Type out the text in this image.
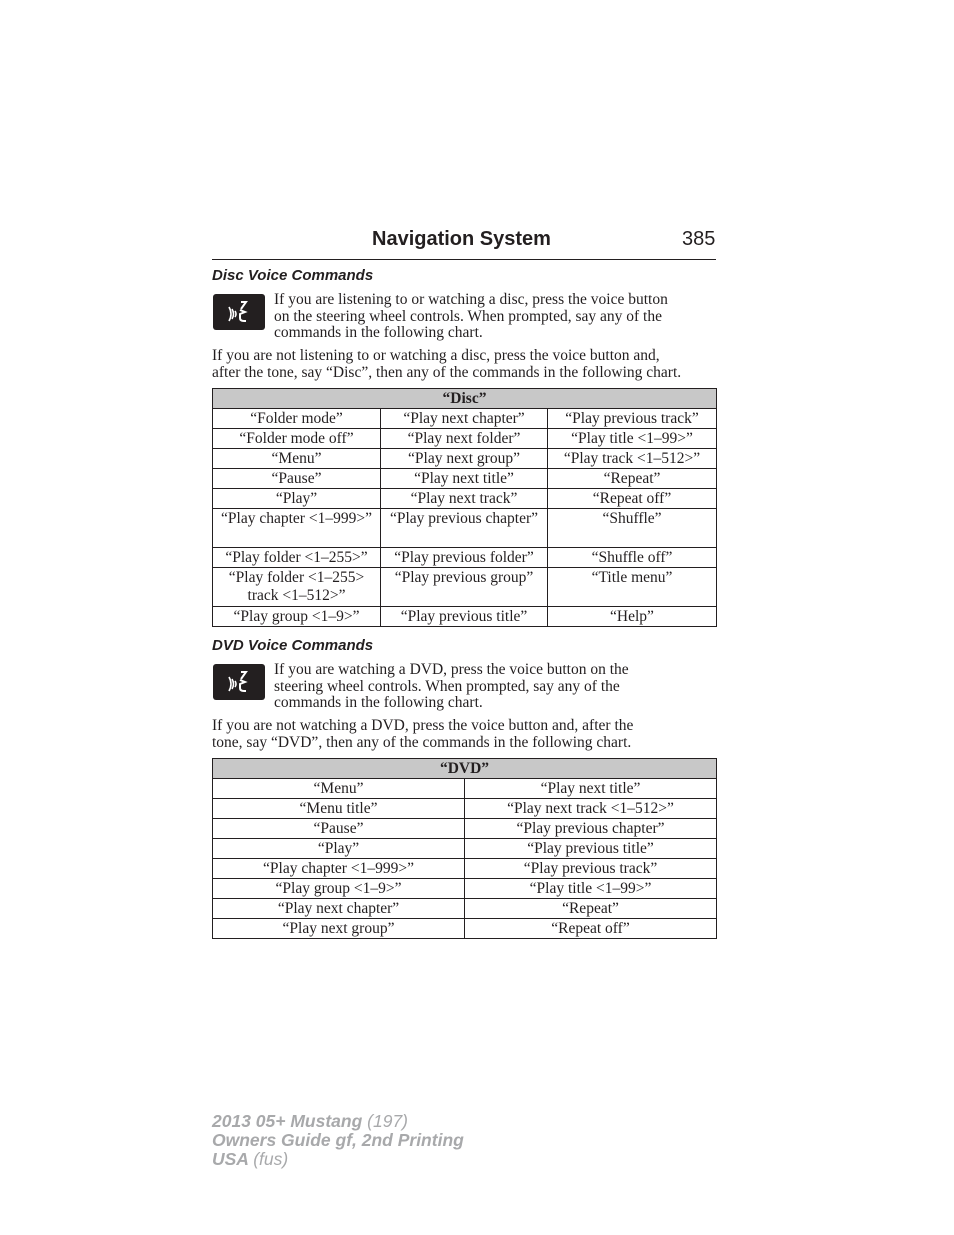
Navigation System	385
Disc Voice Commands
If you are listening to or watching a disc, press the voice button
on the steering wheel controls. When prompted, say any of the
commands in the following chart.
If you are not listening to or watching a disc, press the voice button and,
after the tone, say “Disc”, then any of the commands in the following chart.
“Disc”		
“Folder mode”	“Play next chapter”	“Play previous track”
“Folder mode off”	“Play next folder”	“Play title <1–99>”
“Menu”	“Play next group”	“Play track <1–512>”
“Pause”	“Play next title”	“Repeat”
“Play”	“Play next track”	“Repeat off”
“Play chapter <1–999>”	“Play previous chapter”	“Shuffle”
“Play folder <1–255>”	“Play previous folder”	“Shuffle off”
“Play folder <1–255> track <1–512>”	“Play previous group”	“Title menu”
“Play group <1–9>”	“Play previous title”	“Help”
DVD Voice Commands
If you are watching a DVD, press the voice button on the
steering wheel controls. When prompted, say any of the
commands in the following chart.
If you are not watching a DVD, press the voice button and, after the
tone, say “DVD”, then any of the commands in the following chart.
“DVD”	
“Menu”	“Play next title”
“Menu title”	“Play next track <1–512>”
“Pause”	“Play previous chapter”
“Play”	“Play previous title”
“Play chapter <1–999>”	“Play previous track”
“Play group <1–9>”	“Play title <1–99>”
“Play next chapter”	“Repeat”
“Play next group”	“Repeat off”
2013 05+ Mustang (197)
Owners Guide gf, 2nd Printing
USA (fus)
